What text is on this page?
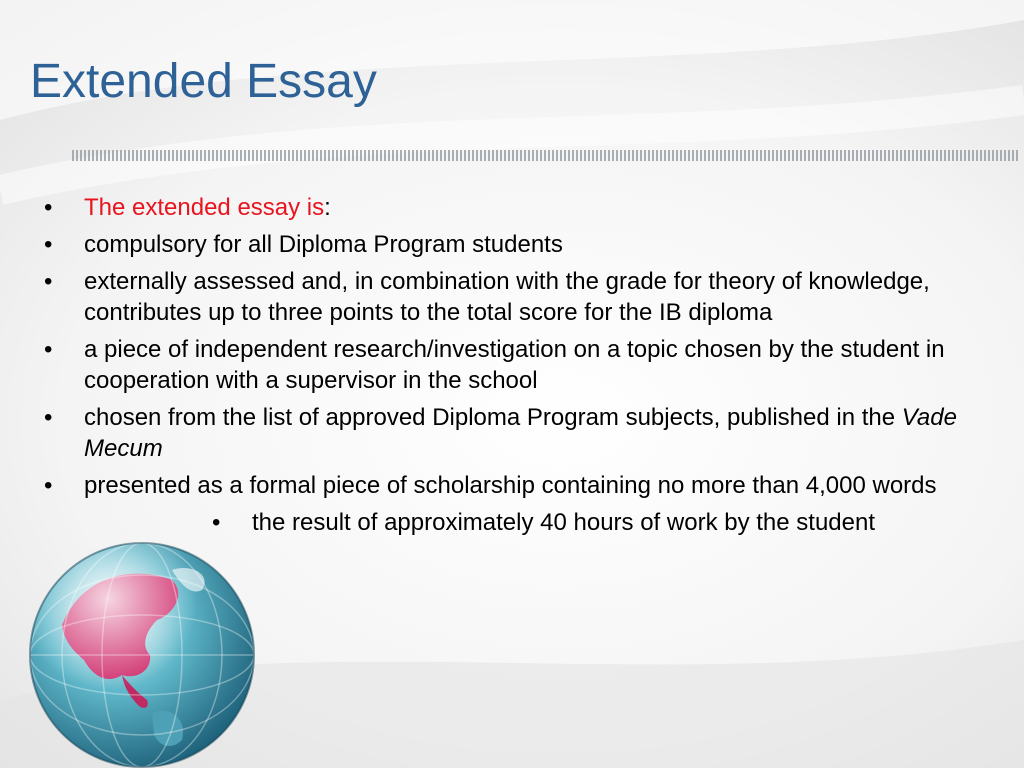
Extended Essay
• The extended essay is:
• compulsory for all Diploma Program students
• externally assessed and, in combination with the grade for theory of knowledge, contributes up to three points to the total score for the IB diploma
• a piece of independent research/investigation on a topic chosen by the student in cooperation with a supervisor in the school
• chosen from the list of approved Diploma Program subjects, published in the Vade Mecum
• presented as a formal piece of scholarship containing no more than 4,000 words
• the result of approximately 40 hours of work by the student
